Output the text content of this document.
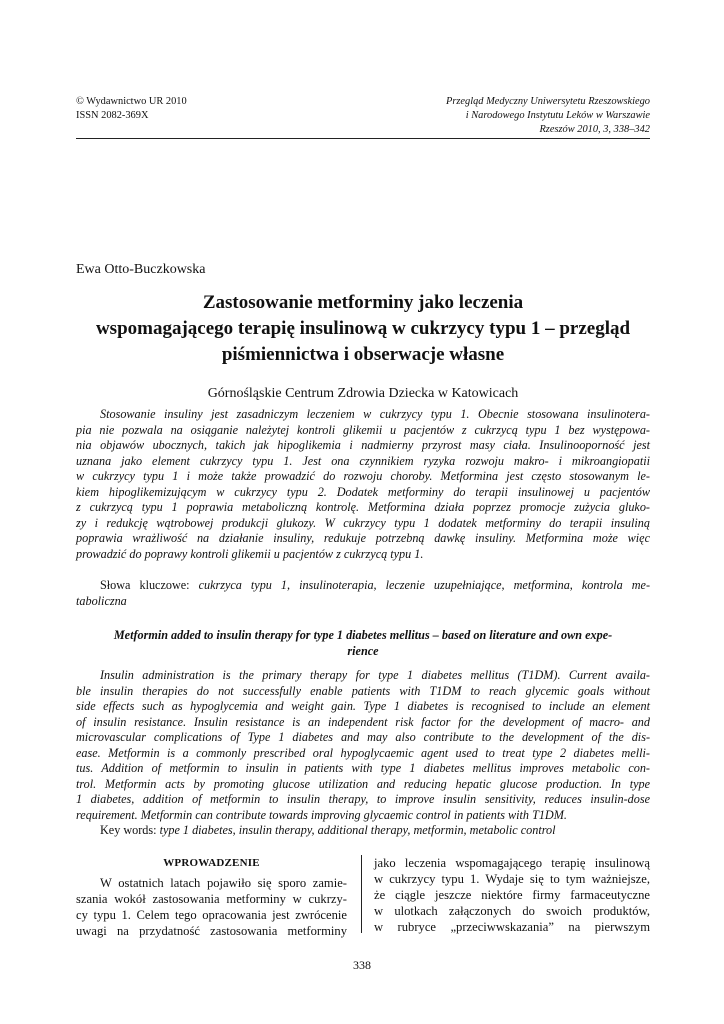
© Wydawnictwo UR 2010
ISSN 2082-369X
Przegląd Medyczny Uniwersytetu Rzeszowskiego
i Narodowego Instytutu Leków w Warszawie
Rzeszów 2010, 3, 338–342
Ewa Otto-Buczkowska
Zastosowanie metforminy jako leczenia
wspomagającego terapię insulinową w cukrzycy typu 1 – przegląd
piśmiennictwa i obserwacje własne
Górnośląskie Centrum Zdrowia Dziecka w Katowicach
Stosowanie insuliny jest zasadniczym leczeniem w cukrzycy typu 1. Obecnie stosowana insulinotera-
pia nie pozwala na osiąganie należytej kontroli glikemii u pacjentów z cukrzycą typu 1 bez występowa-
nia objawów ubocznych, takich jak hipoglikemia i nadmierny przyrost masy ciała. Insulinooporność jest
uznana jako element cukrzycy typu 1. Jest ona czynnikiem ryzyka rozwoju makro- i mikroangiopatii
w cukrzycy typu 1 i może także prowadzić do rozwoju choroby. Metformina jest często stosowanym le-
kiem hipoglikemizującym w cukrzycy typu 2. Dodatek metforminy do terapii insulinowej u pacjentów
z cukrzycą typu 1 poprawia metaboliczną kontrolę. Metformina działa poprzez promocje zużycia gluko-
zy i redukcję wątrobowej produkcji glukozy. W cukrzycy typu 1 dodatek metforminy do terapii insuliną
poprawia wrażliwość na działanie insuliny, redukuje potrzebną dawkę insuliny. Metformina może więc
prowadzić do poprawy kontroli glikemii u pacjentów z cukrzycą typu 1.
Słowa kluczowe: cukrzyca typu 1, insulinoterapia, leczenie uzupełniające, metformina, kontrola me-
taboliczna
Metformin added to insulin therapy for type 1 diabetes mellitus – based on literature and own expe-
rience
Insulin administration is the primary therapy for type 1 diabetes mellitus (T1DM). Current availa-
ble insulin therapies do not successfully enable patients with T1DM to reach glycemic goals without
side effects such as hypoglycemia and weight gain. Type 1 diabetes is recognised to include an element
of insulin resistance. Insulin resistance is an independent risk factor for the development of macro- and
microvascular complications of Type 1 diabetes and may also contribute to the development of the dis-
ease. Metformin is a commonly prescribed oral hypoglycaemic agent used to treat type 2 diabetes melli-
tus. Addition of metformin to insulin in patients with type 1 diabetes mellitus improves metabolic con-
trol. Metformin acts by promoting glucose utilization and reducing hepatic glucose production. In type
1 diabetes, addition of metformin to insulin therapy, to improve insulin sensitivity, reduces insulin-dose
requirement. Metformin can contribute towards improving glycaemic control in patients with T1DM.
Key words: type 1 diabetes, insulin therapy, additional therapy, metformin, metabolic control
WPROWADZENIE
W ostatnich latach pojawiło się sporo zamie-
szania wokół zastosowania metforminy w cukrzy-
cy typu 1. Celem tego opracowania jest zwrócenie
uwagi na przydatność zastosowania metforminy
jako leczenia wspomagającego terapię insulinową
w cukrzycy typu 1. Wydaje się to tym ważniejsze,
że ciągle jeszcze niektóre firmy farmaceutyczne
w ulotkach załączonych do swoich produktów,
w rubryce „przeciwwskazania” na pierwszym
338
